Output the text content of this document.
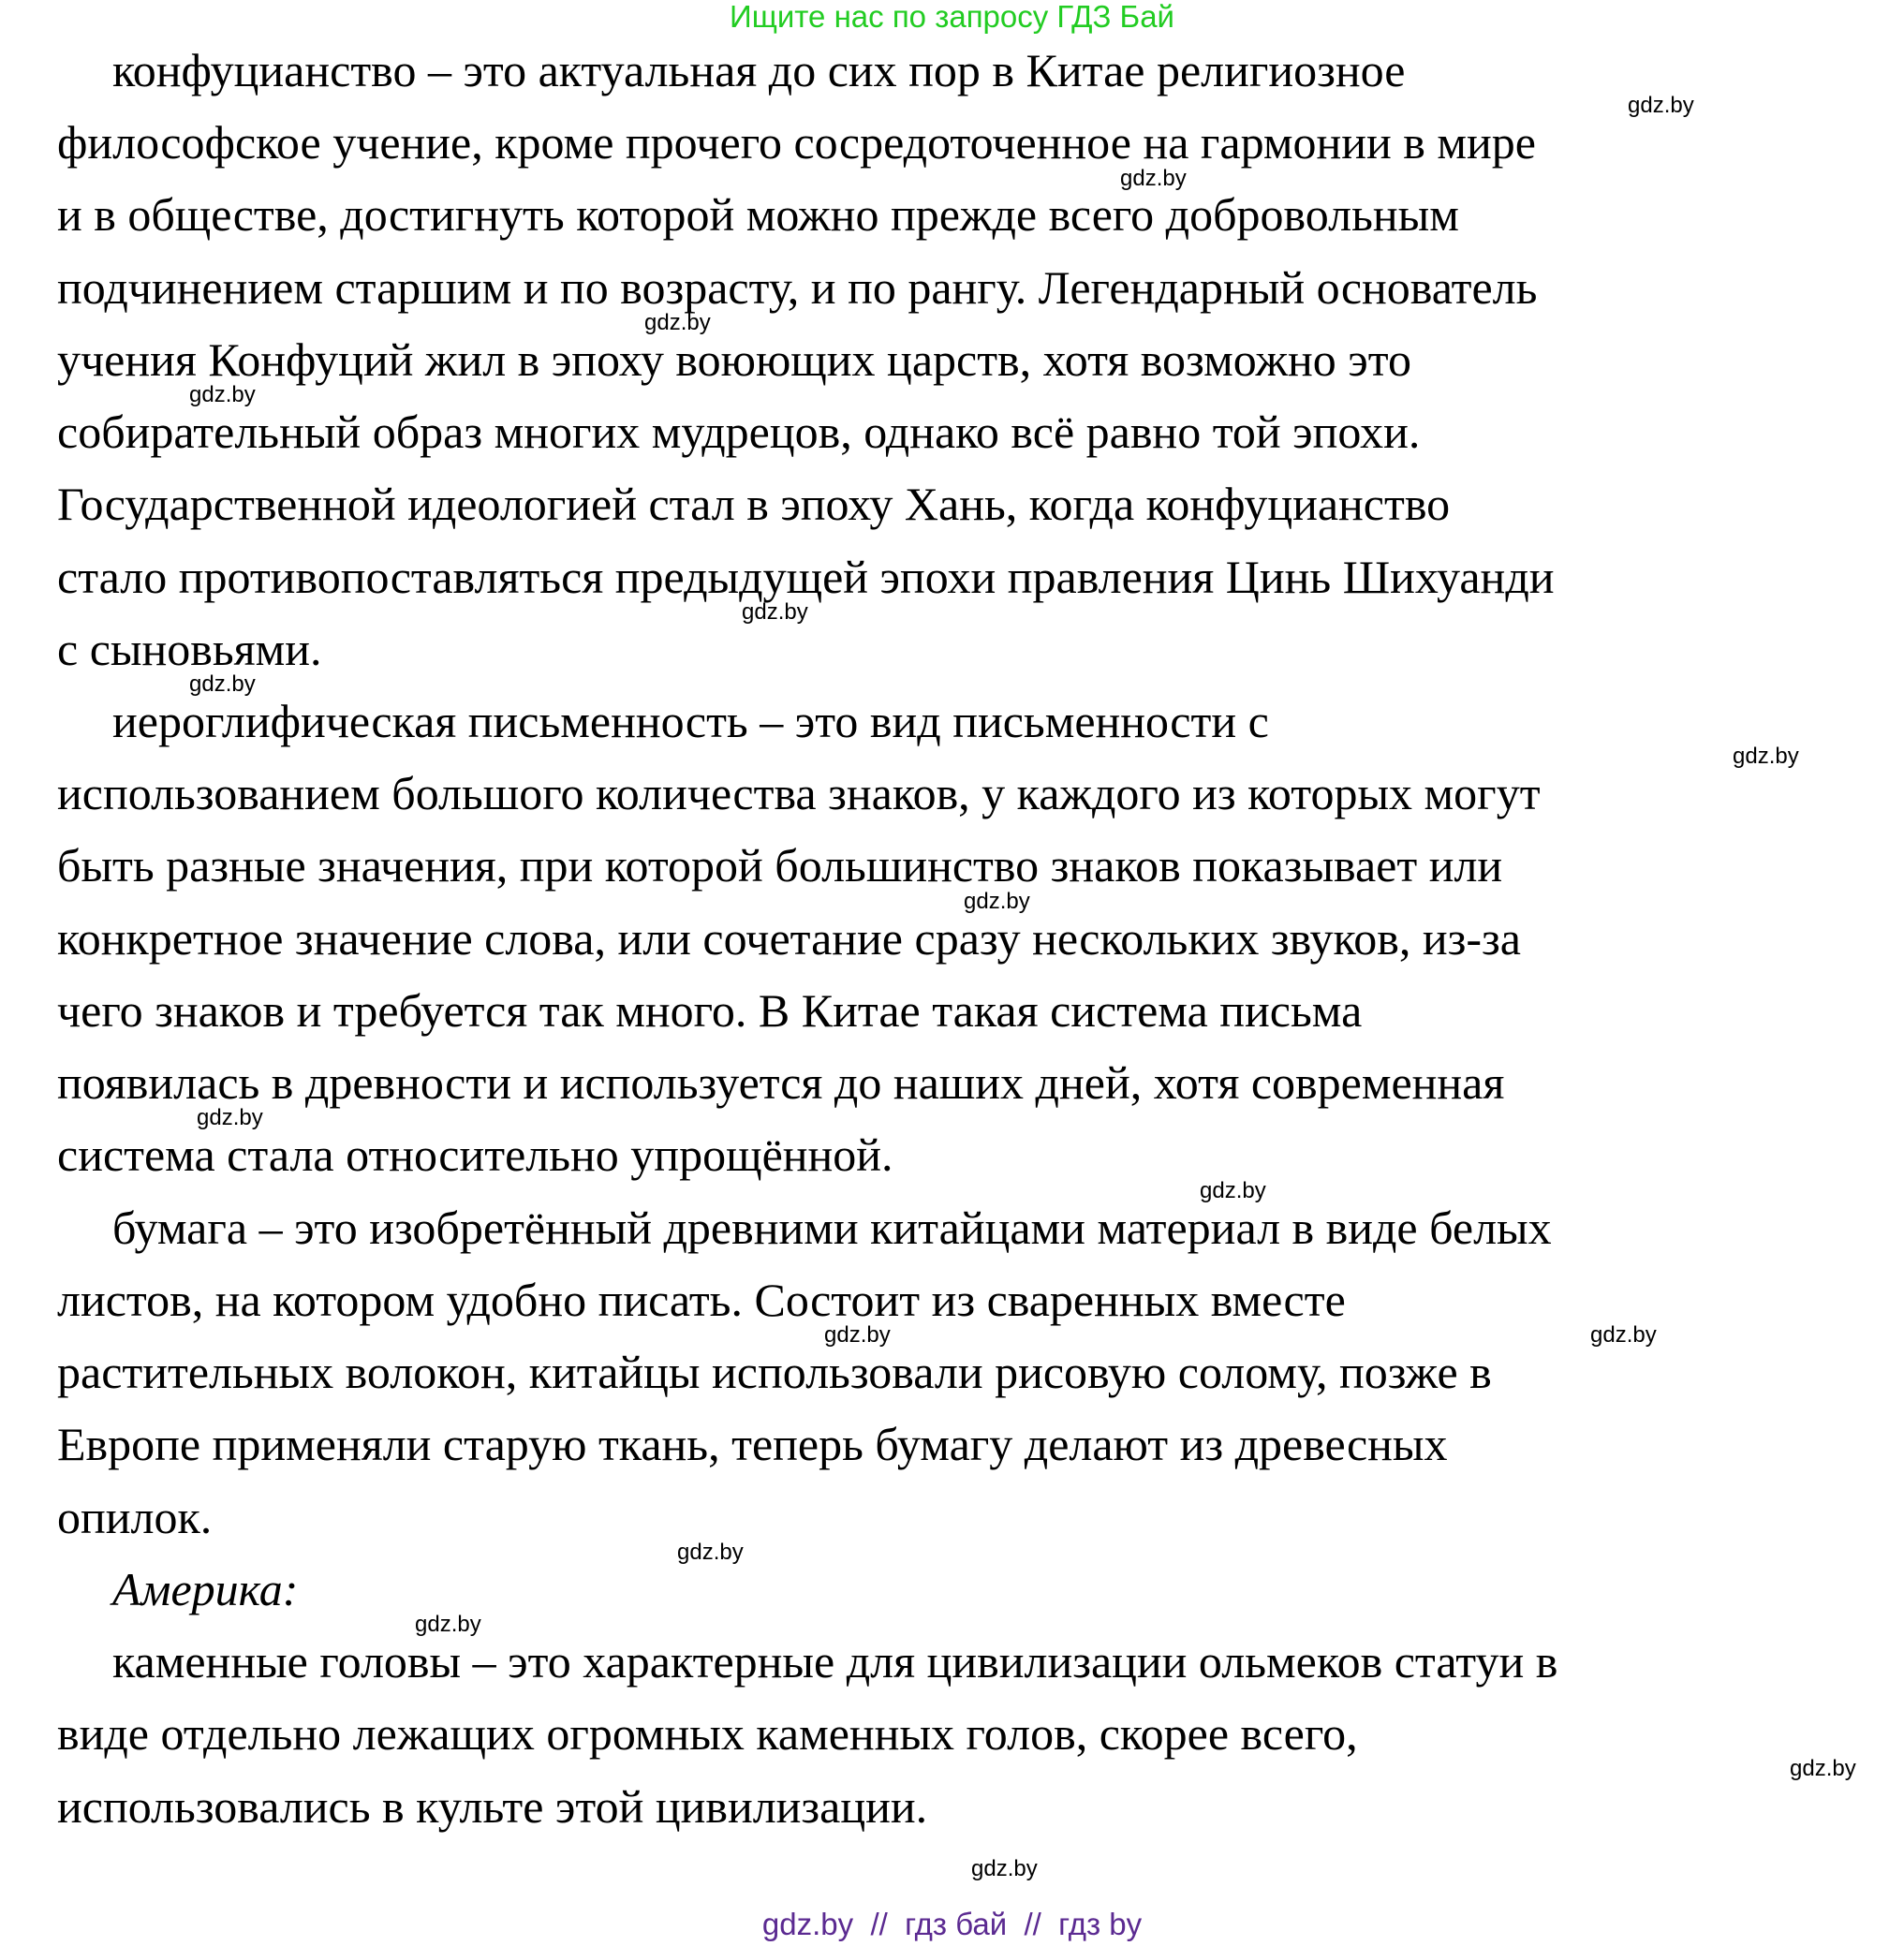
Ищите нас по запросу ГДЗ Бай
конфуцианство – это актуальная до сих пор в Китае религиозное
философское учение, кроме прочего сосредоточенное на гармонии в мире
и в обществе, достигнуть которой можно прежде всего добровольным
подчинением старшим и по возрасту, и по рангу. Легендарный основатель
учения Конфуций жил в эпоху воюющих царств, хотя возможно это
собирательный образ многих мудрецов, однако всё равно той эпохи.
Государственной идеологией стал в эпоху Хань, когда конфуцианство
стало противопоставляться предыдущей эпохи правления Цинь Шихуанди
с сыновьями.
иероглифическая письменность – это вид письменности с
использованием большого количества знаков, у каждого из которых могут
быть разные значения, при которой большинство знаков показывает или
конкретное значение слова, или сочетание сразу нескольких звуков, из-за
чего знаков и требуется так много. В Китае такая система письма
появилась в древности и используется до наших дней, хотя современная
система стала относительно упрощённой.
бумага – это изобретённый древними китайцами материал в виде белых
листов, на котором удобно писать. Состоит из сваренных вместе
растительных волокон, китайцы использовали рисовую солому, позже в
Европе применяли старую ткань, теперь бумагу делают из древесных
опилок.
Америка:
каменные головы – это характерные для цивилизации ольмеков статуи в
виде отдельно лежащих огромных каменных голов, скорее всего,
использовались в культе этой цивилизации.
gdz.by
gdz.by
gdz.by
gdz.by
gdz.by
gdz.by
gdz.by
gdz.by
gdz.by
gdz.by
gdz.by
gdz.by
gdz.by
gdz.by
gdz.by
gdz.by
gdz.by  //  гдз бай  //  гдз by
